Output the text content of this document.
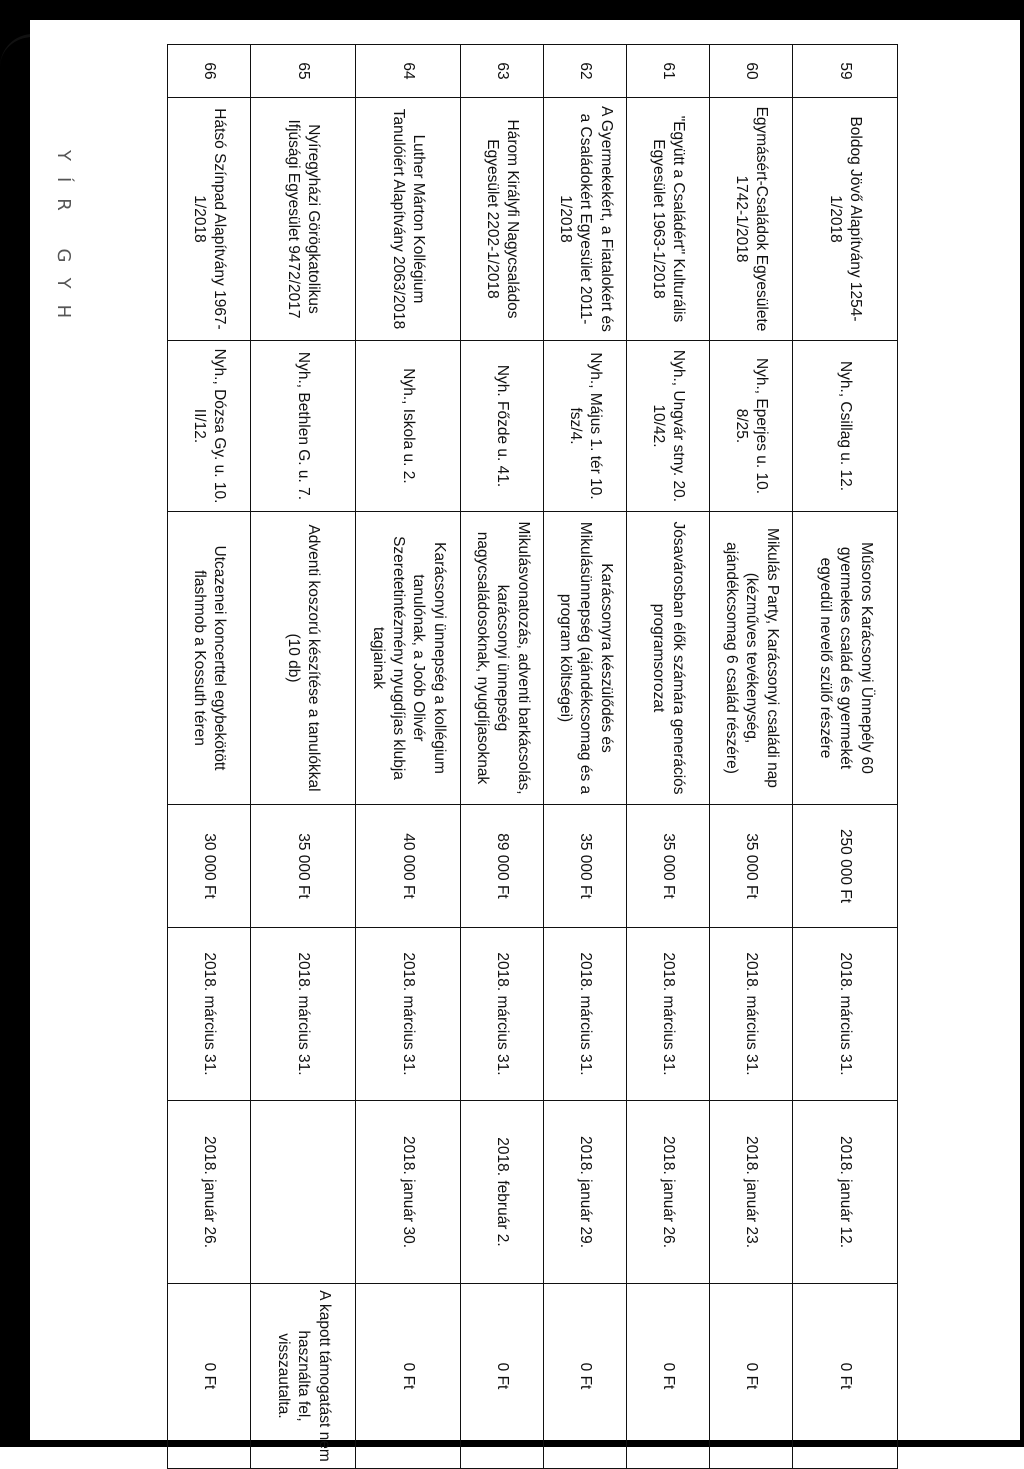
YÍR GYH
59	Boldog Jövő Alapítvány 1254-1/2018	Nyh., Csillag u. 12.	Műsoros Karácsonyi Ünnepély 60 gyermekes család és gyermekét egyedül nevelő szülő részére	250 000 Ft	2018. március 31.	2018. január 12.	0 Ft
60	Egymásért-Családok Egyesülete 1742-1/2018	Nyh., Eperjes u. 10. 8/25.	Mikulás Party, Karácsonyi családi nap (kézműves tevékenység, ajándékcsomag 6 család részére)	35 000 Ft	2018. március 31.	2018. január 23.	0 Ft
61	"Együtt a Családért" Kulturális Egyesület 1963-1/2018	Nyh., Ungvár stny. 20. 10/42.	Jósavárosban élők számára generációs programsorozat	35 000 Ft	2018. március 31.	2018. január 26.	0 Ft
62	A Gyermekekért, a Fiatalokért és a Családokért Egyesület 2011-1/2018	Nyh., Május 1. tér 10. fsz/4.	Karácsonyra készülődés és Mikulásünnepség (ajándékcsomag és a program költségei)	35 000 Ft	2018. március 31.	2018. január 29.	0 Ft
63	Három Királyfi Nagycsaládos Egyesület 2202-1/2018	Nyh. Főzde u. 41.	Mikulásvonatozás, adventi barkácsolás, karácsonyi ünnepség nagycsaládosoknak, nyugdíjasoknak	89 000 Ft	2018. március 31.	2018. február 2.	0 Ft
64	Luther Márton Kollégium Tanulóiért Alapítvány 2063/2018	Nyh., Iskola u. 2.	Karácsonyi ünnepség a kollégium tanulónak, a Joób Olivér Szeretetintézmény nyugdíjas klubja tagjainak	40 000 Ft	2018. március 31.	2018. január 30.	0 Ft
65	Nyíregyházi Görögkatolikus Ifjúsági Egyesület 9472/2017	Nyh., Bethlen G. u. 7.	Adventi koszorú készítése a tanulókkal (10 db)	35 000 Ft	2018. március 31.		A kapott támogatást nem használta fel, visszautalta.
66	Hátsó Színpad Alapítvány 1967-1/2018	Nyh., Dózsa Gy. u. 10. II/12.	Utcazenei koncerttel egybekötött flashmob a Kossuth téren	30 000 Ft	2018. március 31.	2018. január 26.	0 Ft
